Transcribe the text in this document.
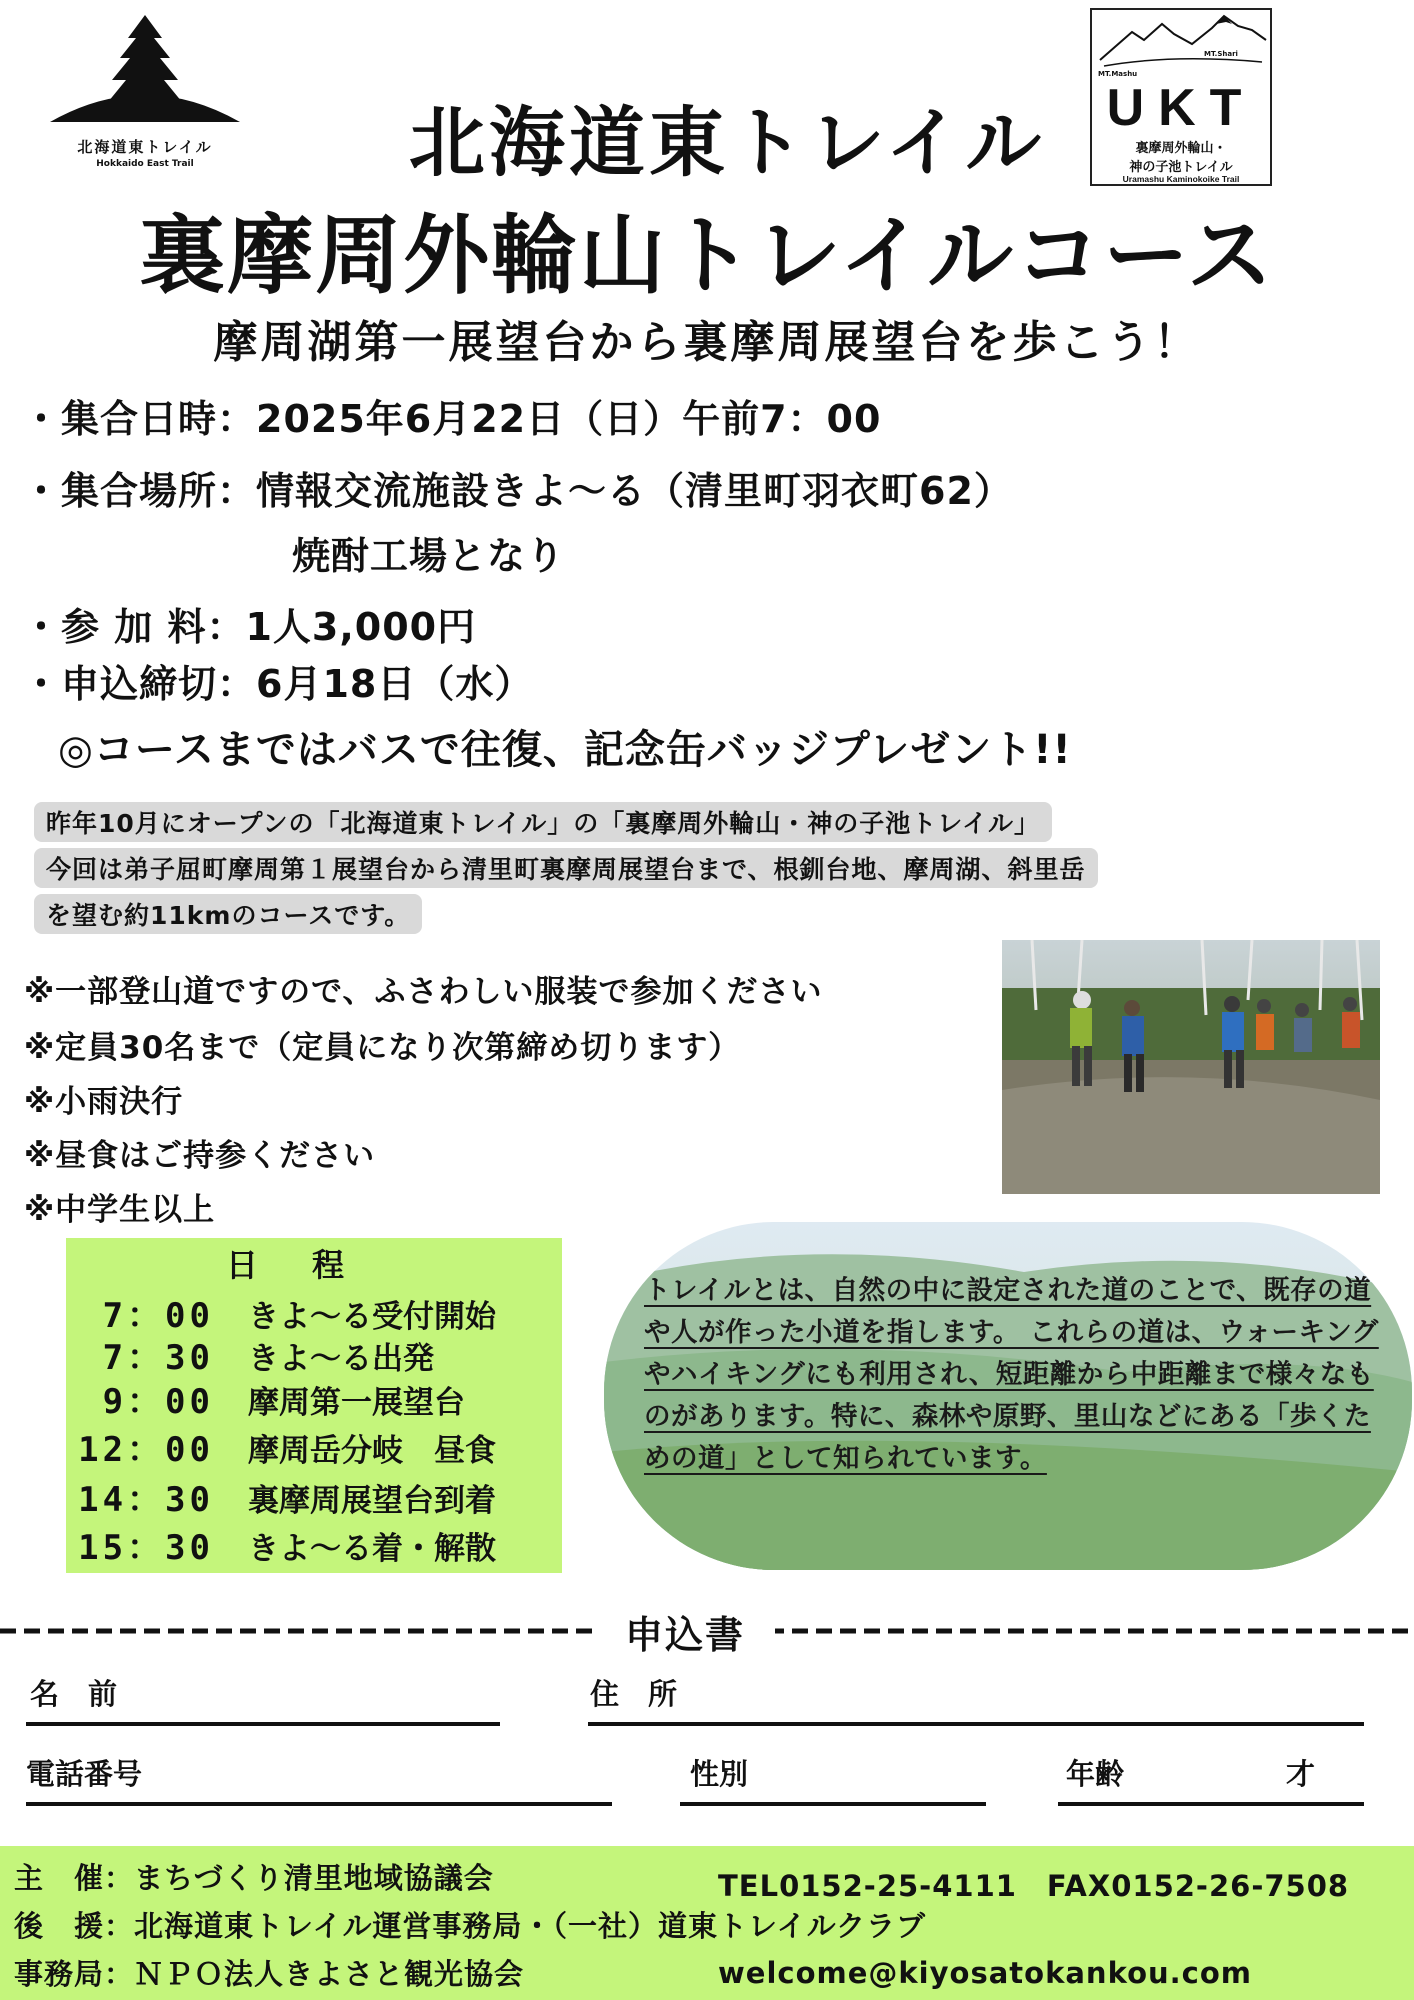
北海道東トレイル
Hokkaido East Trail
MT.Shari
MT.Mashu
UKT
裏摩周外輪山・
神の子池トレイル
Uramashu Kaminokoike Trail
北海道東トレイル
裏摩周外輪山トレイルコース
摩周湖第一展望台から裏摩周展望台を歩こう！
・集合日時：2025年6月22日（日）午前7：00
・集合場所：情報交流施設きよ～る（清里町羽衣町62）
焼酎工場となり
・参 加 料：1人3,000円
・申込締切：6月18日（水）
◎コースまではバスで往復、記念缶バッジプレゼント!!
昨年10月にオープンの「北海道東トレイル」の「裏摩周外輪山・神の子池トレイル」
今回は弟子屈町摩周第１展望台から清里町裏摩周展望台まで、根釧台地、摩周湖、斜里岳
を望む約11kmのコースです。
※一部登山道ですので、ふさわしい服装で参加ください
※定員30名まで（定員になり次第締め切ります）
※小雨決行
※昼食はご持参ください
※中学生以上
日程
7：00 きよ～る受付開始
7：30 きよ～る出発
9：00 摩周第一展望台
12：00 摩周岳分岐　昼食
14：30 裏摩周展望台到着
15：30 きよ～る着・解散
トレイルとは、自然の中に設定された道のことで、既存の道や人が作った小道を指します。 これらの道は、ウォーキングやハイキングにも利用され、短距離から中距離まで様々なものがあります。特に、森林や原野、里山などにある「歩くための道」として知られています。
申込書
名　前	住　所
電話番号	性別	年齢	才
主　催：まちづくり清里地域協議会
後　援：北海道東トレイル運営事務局・（一社）道東トレイルクラブ
事務局：ＮＰＯ法人きよさと観光協会
TEL0152-25-4111　FAX0152-26-7508
welcome@kiyosatokankou.com
